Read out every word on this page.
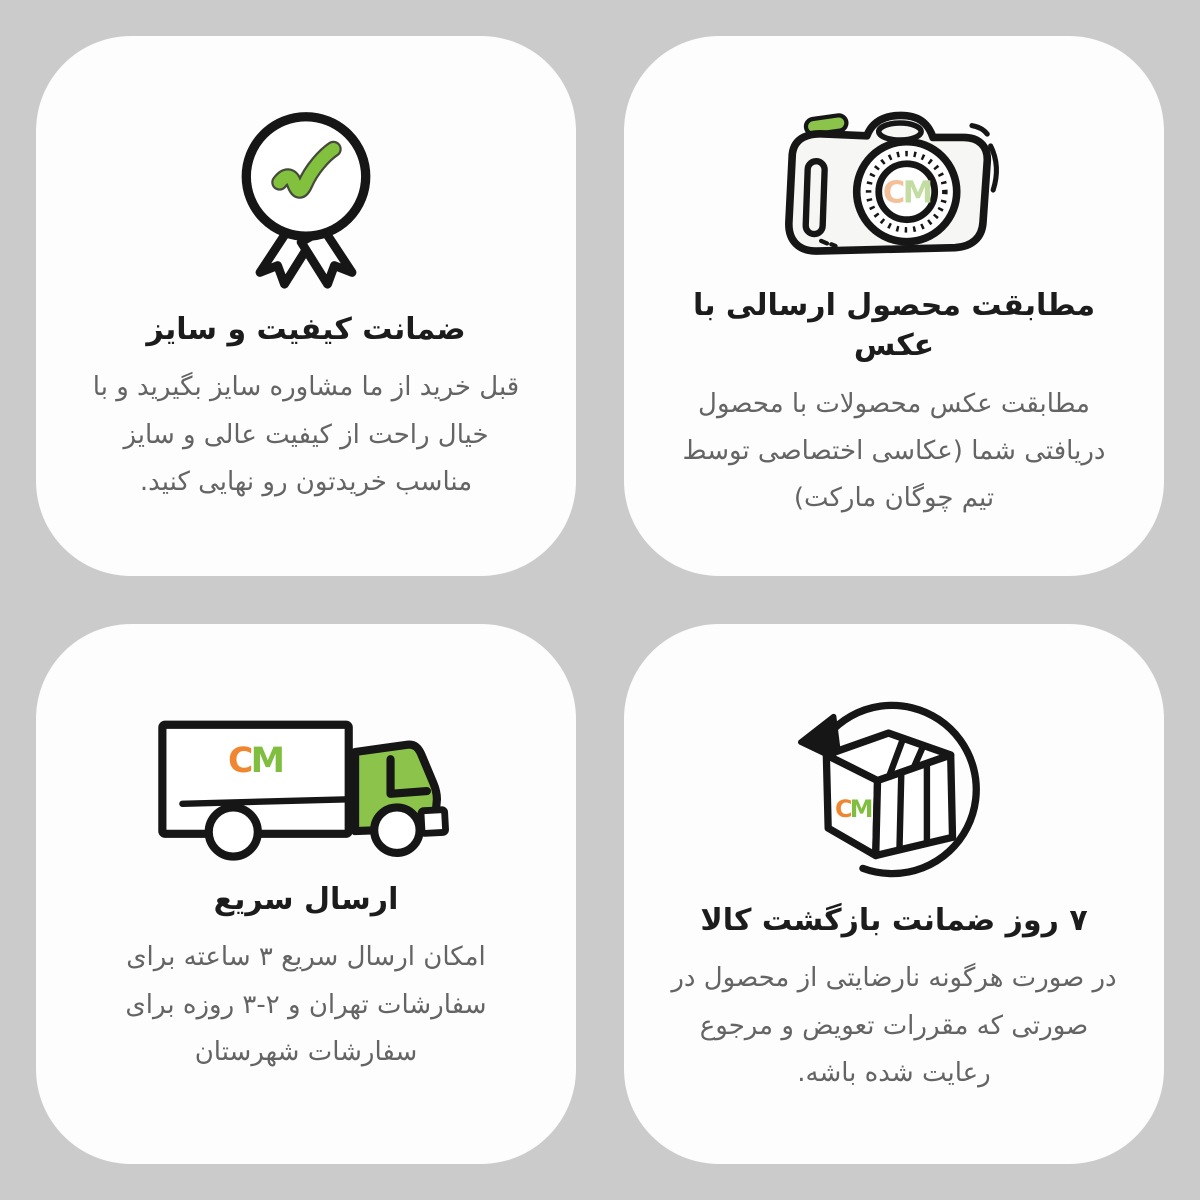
ضمانت کیفیت و سایز

قبل خرید از ما مشاوره سایز بگیرید و با خیال راحت از کیفیت عالی و سایز مناسب خریدتون رو نهایی کنید.

CM
مطابقت محصول ارسالی با عکس

مطابقت عکس محصولات با محصول دریافتی شما (عکاسی اختصاصی توسط تیم چوگان مارکت)

CM
ارسال سریع

امکان ارسال سریع ۳ ساعته برای سفارشات تهران و ۲-۳ روزه برای سفارشات شهرستان

CM
۷ روز ضمانت بازگشت کالا

در صورت هرگونه نارضایتی از محصول در صورتی که مقررات تعویض و مرجوع رعایت شده باشه.
